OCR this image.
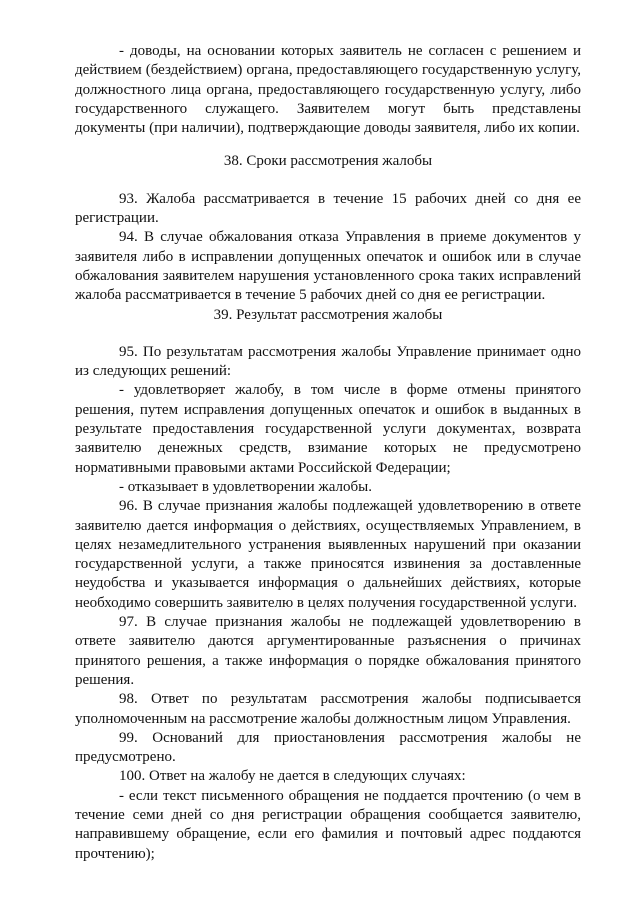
- доводы, на основании которых заявитель не согласен с решением и действием (бездействием) органа, предоставляющего государственную услугу, должностного лица органа, предоставляющего государственную услугу, либо государственного служащего. Заявителем могут быть представлены документы (при наличии), подтверждающие доводы заявителя, либо их копии.

38. Сроки рассмотрения жалобы

93. Жалоба рассматривается в течение 15 рабочих дней со дня ее регистрации.

94. В случае обжалования отказа Управления в приеме документов у заявителя либо в исправлении допущенных опечаток и ошибок или в случае обжалования заявителем нарушения установленного срока таких исправлений жалоба рассматривается в течение 5 рабочих дней со дня ее регистрации.

39. Результат рассмотрения жалобы

95. По результатам рассмотрения жалобы Управление принимает одно из следующих решений:

- удовлетворяет жалобу, в том числе в форме отмены принятого решения, путем исправления допущенных опечаток и ошибок в выданных в результате предоставления государственной услуги документах, возврата заявителю денежных средств, взимание которых не предусмотрено нормативными правовыми актами Российской Федерации;

- отказывает в удовлетворении жалобы.

96. В случае признания жалобы подлежащей удовлетворению в ответе заявителю дается информация о действиях, осуществляемых Управлением, в целях незамедлительного устранения выявленных нарушений при оказании государственной услуги, а также приносятся извинения за доставленные неудобства и указывается информация о дальнейших действиях, которые необходимо совершить заявителю в целях получения государственной услуги.

97. В случае признания жалобы не подлежащей удовлетворению в ответе заявителю даются аргументированные разъяснения о причинах принятого решения, а также информация о порядке обжалования принятого решения.

98. Ответ по результатам рассмотрения жалобы подписывается уполномоченным на рассмотрение жалобы должностным лицом Управления.

99. Оснований для приостановления рассмотрения жалобы не предусмотрено.

100. Ответ на жалобу не дается в следующих случаях:

- если текст письменного обращения не поддается прочтению (о чем в течение семи дней со дня регистрации обращения сообщается заявителю, направившему обращение, если его фамилия и почтовый адрес поддаются прочтению);
